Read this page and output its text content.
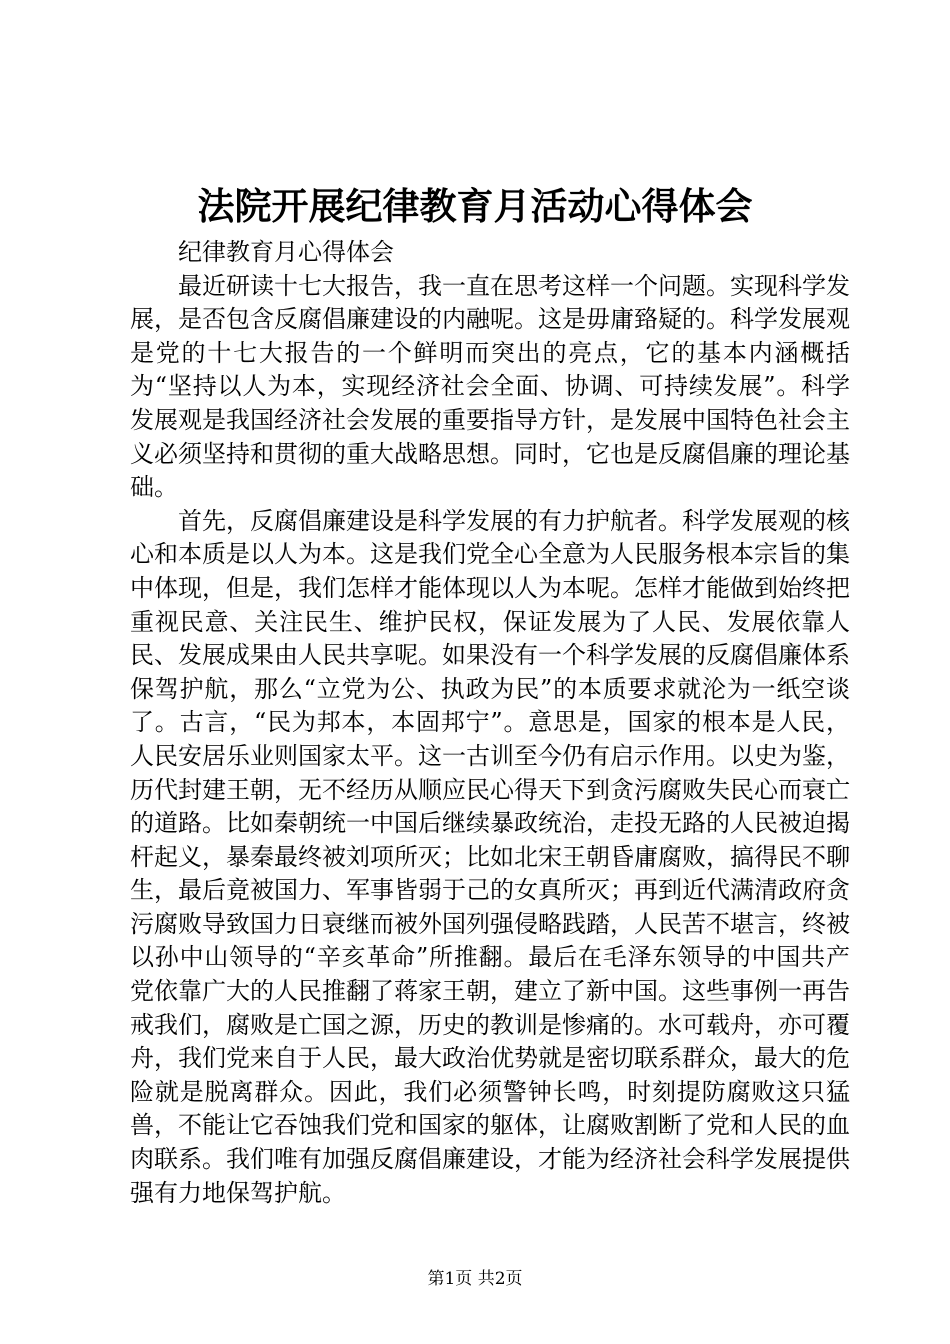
法院开展纪律教育月活动心得体会

纪律教育月心得体会

最近研读十七大报告，我一直在思考这样一个问题。实现科学发展，是否包含反腐倡廉建设的内融呢。这是毋庸臵疑的。科学发展观是党的十七大报告的一个鲜明而突出的亮点，它的基本内涵概括为“坚持以人为本，实现经济社会全面、协调、可持续发展”。科学发展观是我国经济社会发展的重要指导方针，是发展中国特色社会主义必须坚持和贯彻的重大战略思想。同时，它也是反腐倡廉的理论基础。

首先，反腐倡廉建设是科学发展的有力护航者。科学发展观的核心和本质是以人为本。这是我们党全心全意为人民服务根本宗旨的集中体现，但是，我们怎样才能体现以人为本呢。怎样才能做到始终把重视民意、关注民生、维护民权，保证发展为了人民、发展依靠人民、发展成果由人民共享呢。如果没有一个科学发展的反腐倡廉体系保驾护航，那么“立党为公、执政为民”的本质要求就沦为一纸空谈了。古言，“民为邦本，本固邦宁”。意思是，国家的根本是人民，人民安居乐业则国家太平。这一古训至今仍有启示作用。以史为鉴，历代封建王朝，无不经历从顺应民心得天下到贪污腐败失民心而衰亡的道路。比如秦朝统一中国后继续暴政统治，走投无路的人民被迫揭杆起义，暴秦最终被刘项所灭；比如北宋王朝昏庸腐败，搞得民不聊生，最后竟被国力、军事皆弱于己的女真所灭；再到近代满清政府贪污腐败导致国力日衰继而被外国列强侵略践踏，人民苦不堪言，终被以孙中山领导的“辛亥革命”所推翻。最后在毛泽东领导的中国共产党依靠广大的人民推翻了蒋家王朝，建立了新中国。这些事例一再告戒我们，腐败是亡国之源，历史的教训是惨痛的。水可载舟，亦可覆舟，我们党来自于人民，最大政治优势就是密切联系群众，最大的危险就是脱离群众。因此，我们必须警钟长鸣，时刻提防腐败这只猛兽，不能让它吞蚀我们党和国家的躯体，让腐败割断了党和人民的血肉联系。我们唯有加强反腐倡廉建设，才能为经济社会科学发展提供强有力地保驾护航。

第1页 共2页
